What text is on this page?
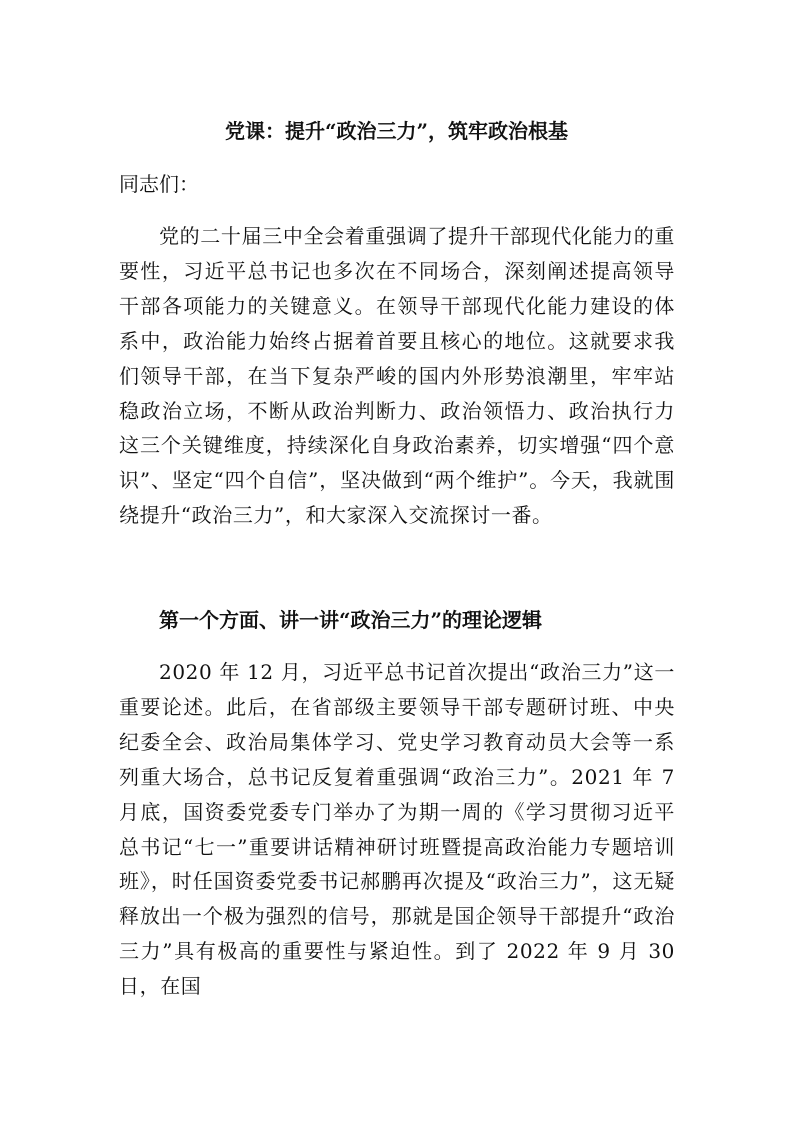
党课：提升“政治三力”，筑牢政治根基

同志们：

党的二十届三中全会着重强调了提升干部现代化能力的重要性，习近平总书记也多次在不同场合，深刻阐述提高领导干部各项能力的关键意义。在领导干部现代化能力建设的体系中，政治能力始终占据着首要且核心的地位。这就要求我们领导干部，在当下复杂严峻的国内外形势浪潮里，牢牢站稳政治立场，不断从政治判断力、政治领悟力、政治执行力这三个关键维度，持续深化自身政治素养，切实增强“四个意识”、坚定“四个自信”，坚决做到“两个维护”。今天，我就围绕提升“政治三力”，和大家深入交流探讨一番。

第一个方面、讲一讲“政治三力”的理论逻辑

2020 年 12 月，习近平总书记首次提出“政治三力”这一重要论述。此后，在省部级主要领导干部专题研讨班、中央纪委全会、政治局集体学习、党史学习教育动员大会等一系列重大场合，总书记反复着重强调“政治三力”。2021 年 7 月底，国资委党委专门举办了为期一周的《学习贯彻习近平总书记“七一”重要讲话精神研讨班暨提高政治能力专题培训班》，时任国资委党委书记郝鹏再次提及“政治三力”，这无疑释放出一个极为强烈的信号，那就是国企领导干部提升“政治三力”具有极高的重要性与紧迫性。到了 2022 年 9 月 30 日，在国
